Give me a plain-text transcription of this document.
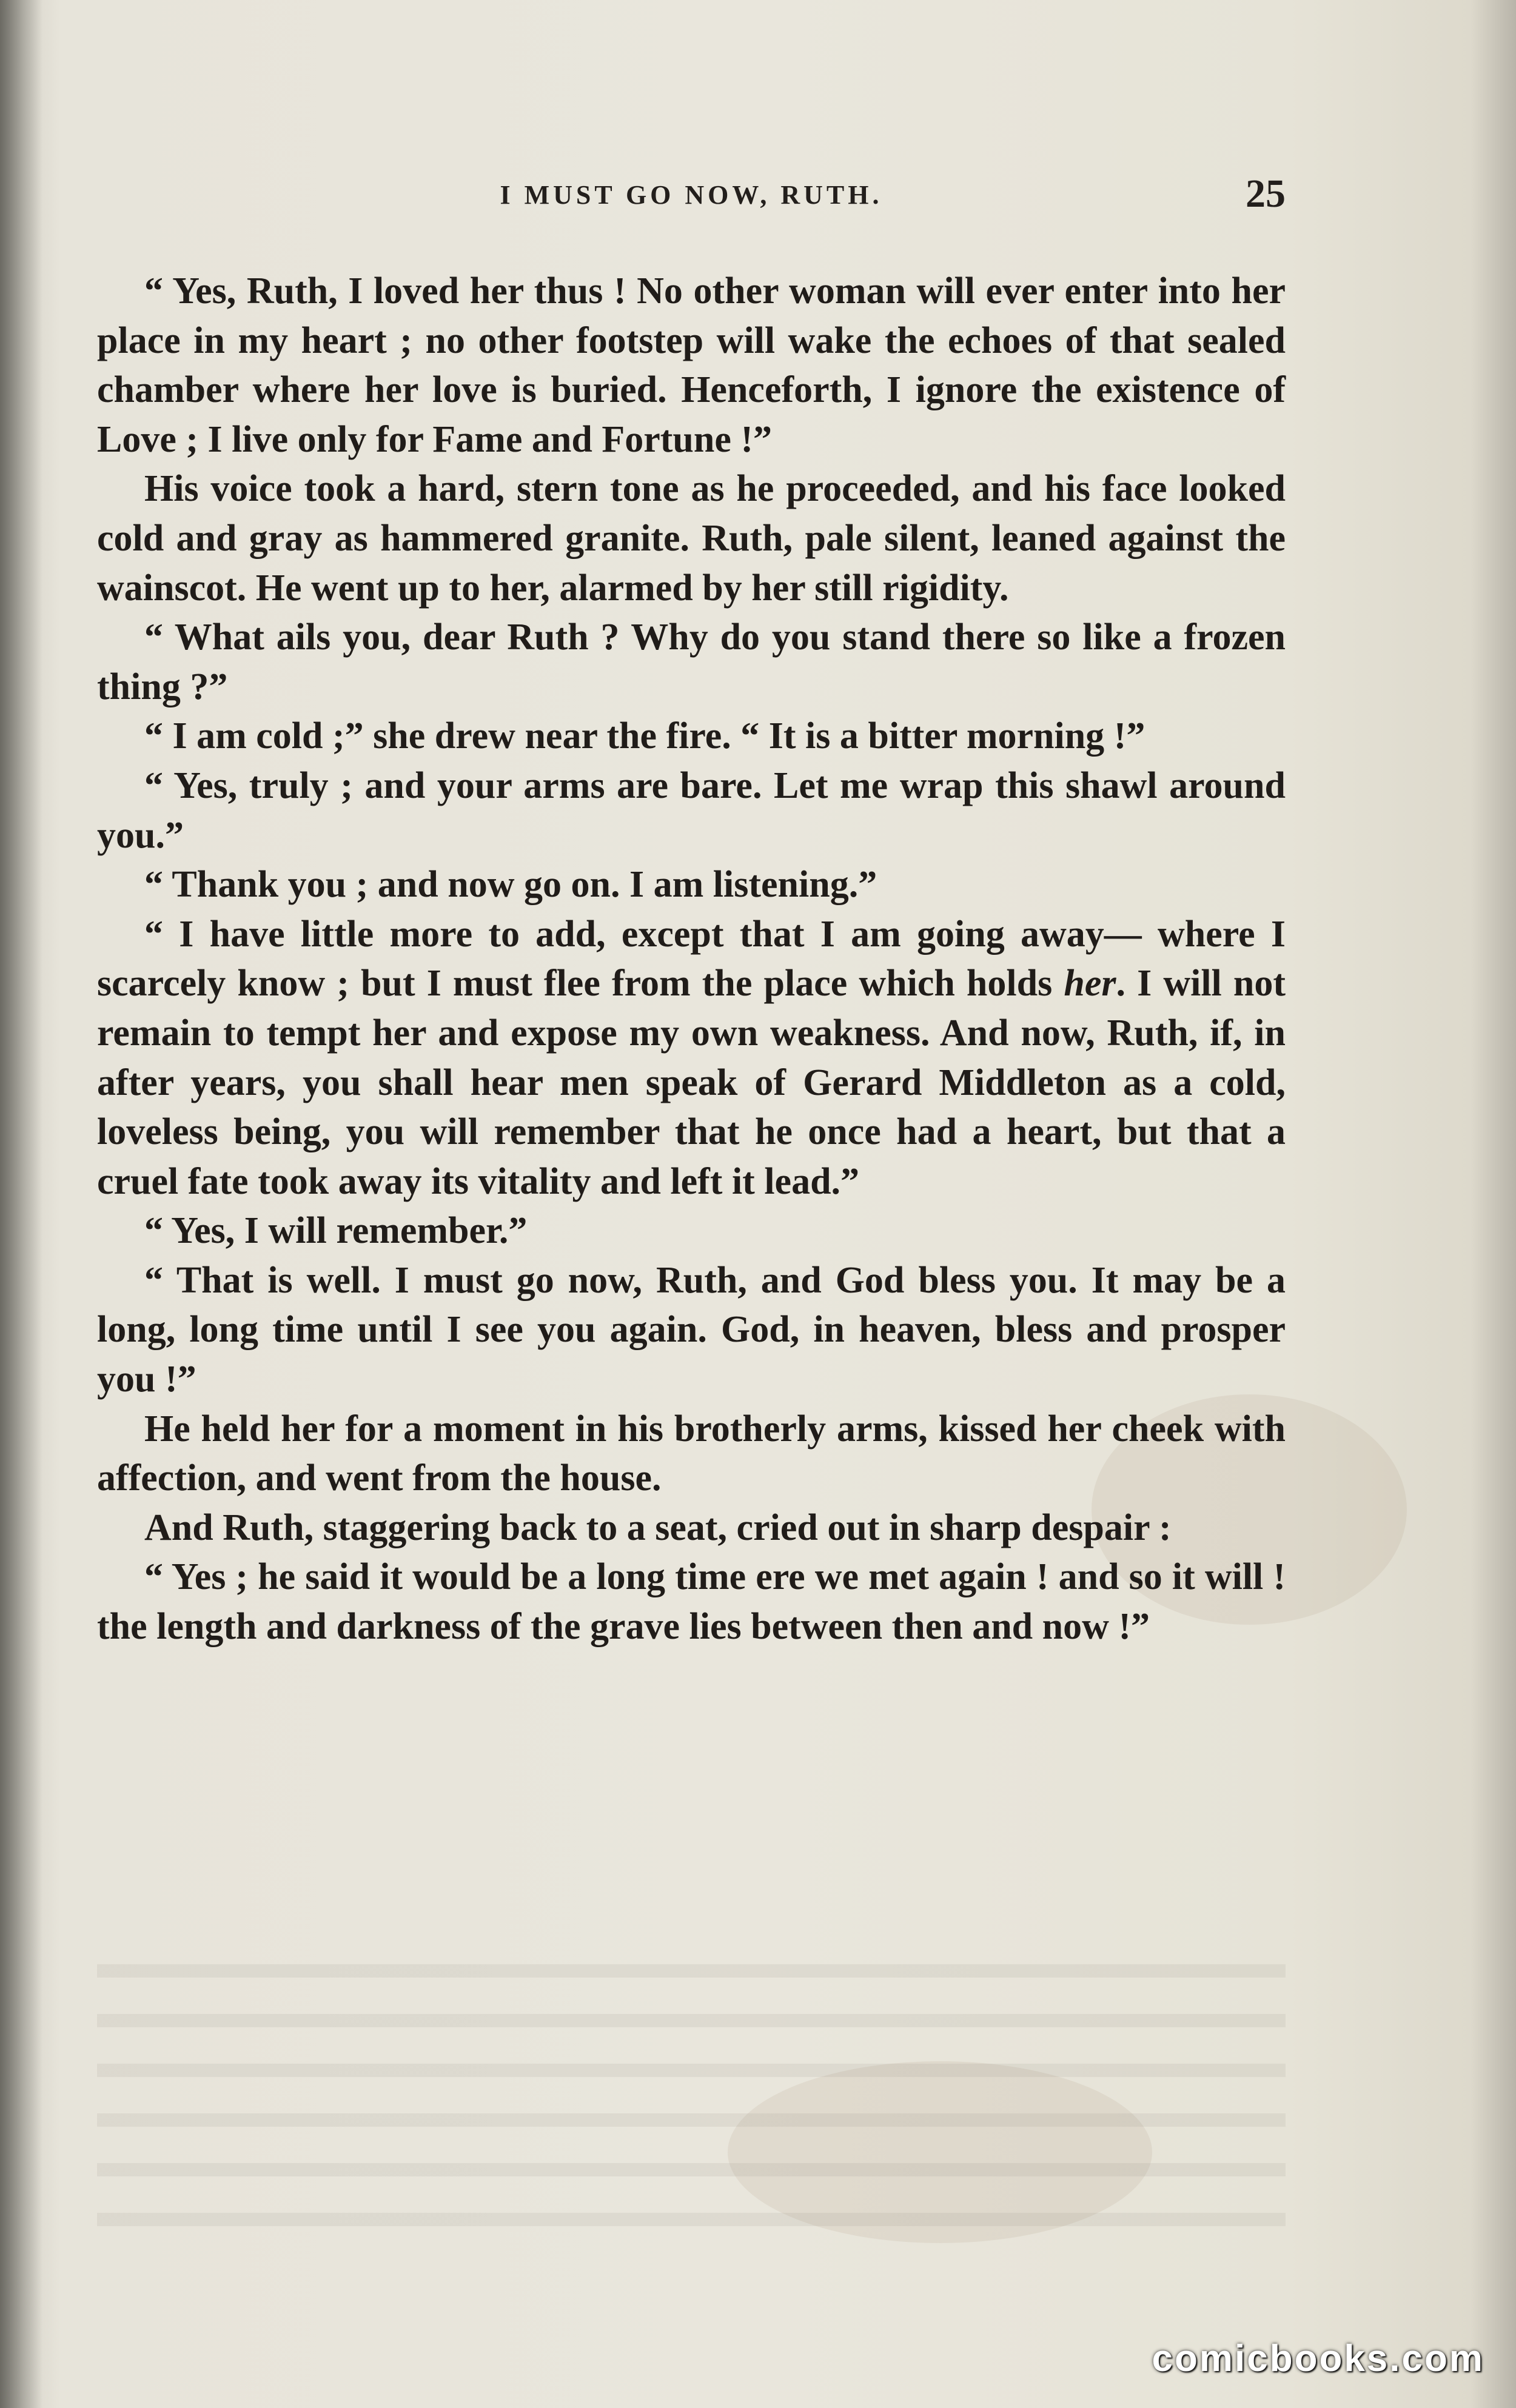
I MUST GO NOW, RUTH.	25

“ Yes, Ruth, I loved her thus ! No other woman will ever enter into her place in my heart ; no other footstep will wake the echoes of that sealed chamber where her love is buried. Henceforth, I ignore the existence of Love ; I live only for Fame and Fortune !”

His voice took a hard, stern tone as he proceeded, and his face looked cold and gray as hammered granite. Ruth, pale silent, leaned against the wainscot. He went up to her, alarmed by her still rigidity.

“ What ails you, dear Ruth ? Why do you stand there so like a frozen thing ?”

“ I am cold ;” she drew near the fire. “ It is a bitter morning !”

“ Yes, truly ; and your arms are bare. Let me wrap this shawl around you.”

“ Thank you ; and now go on. I am listening.”

“ I have little more to add, except that I am going away— where I scarcely know ; but I must flee from the place which holds her. I will not remain to tempt her and expose my own weakness. And now, Ruth, if, in after years, you shall hear men speak of Gerard Middleton as a cold, loveless being, you will remember that he once had a heart, but that a cruel fate took away its vitality and left it lead.”

“ Yes, I will remember.”

“ That is well. I must go now, Ruth, and God bless you. It may be a long, long time until I see you again. God, in heaven, bless and prosper you !”

He held her for a moment in his brotherly arms, kissed her cheek with affection, and went from the house.

And Ruth, staggering back to a seat, cried out in sharp despair :

“ Yes ; he said it would be a long time ere we met again ! and so it will ! the length and darkness of the grave lies between then and now !”

comicbooks.com
